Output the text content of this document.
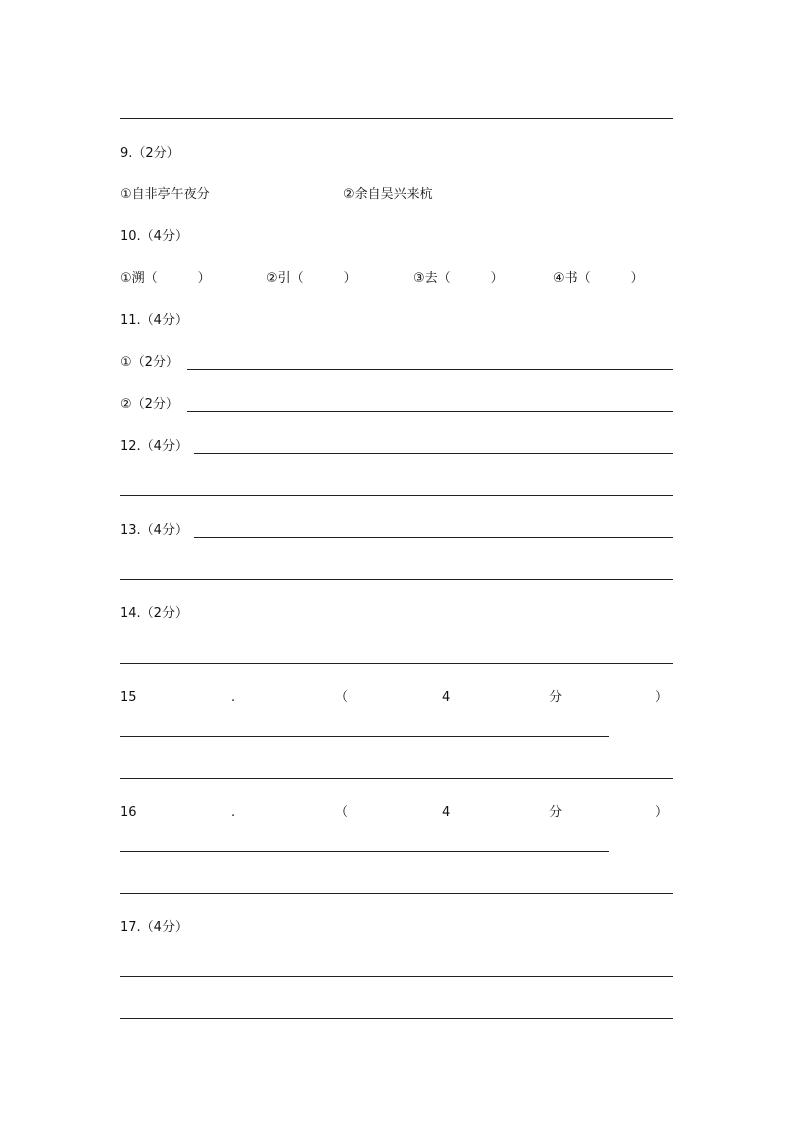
9.（2分）
①自非亭午夜分	②余自吴兴来杭
10.（4分）
①溯（	）	②引（	）	③去（	）	④书（	）
11.（4分）
①（2分）
②（2分）
12.（4分）
13.（4分）
14.（2分）
15	.	（	4	分	）
16	.	（	4	分	）
17.（4分）
